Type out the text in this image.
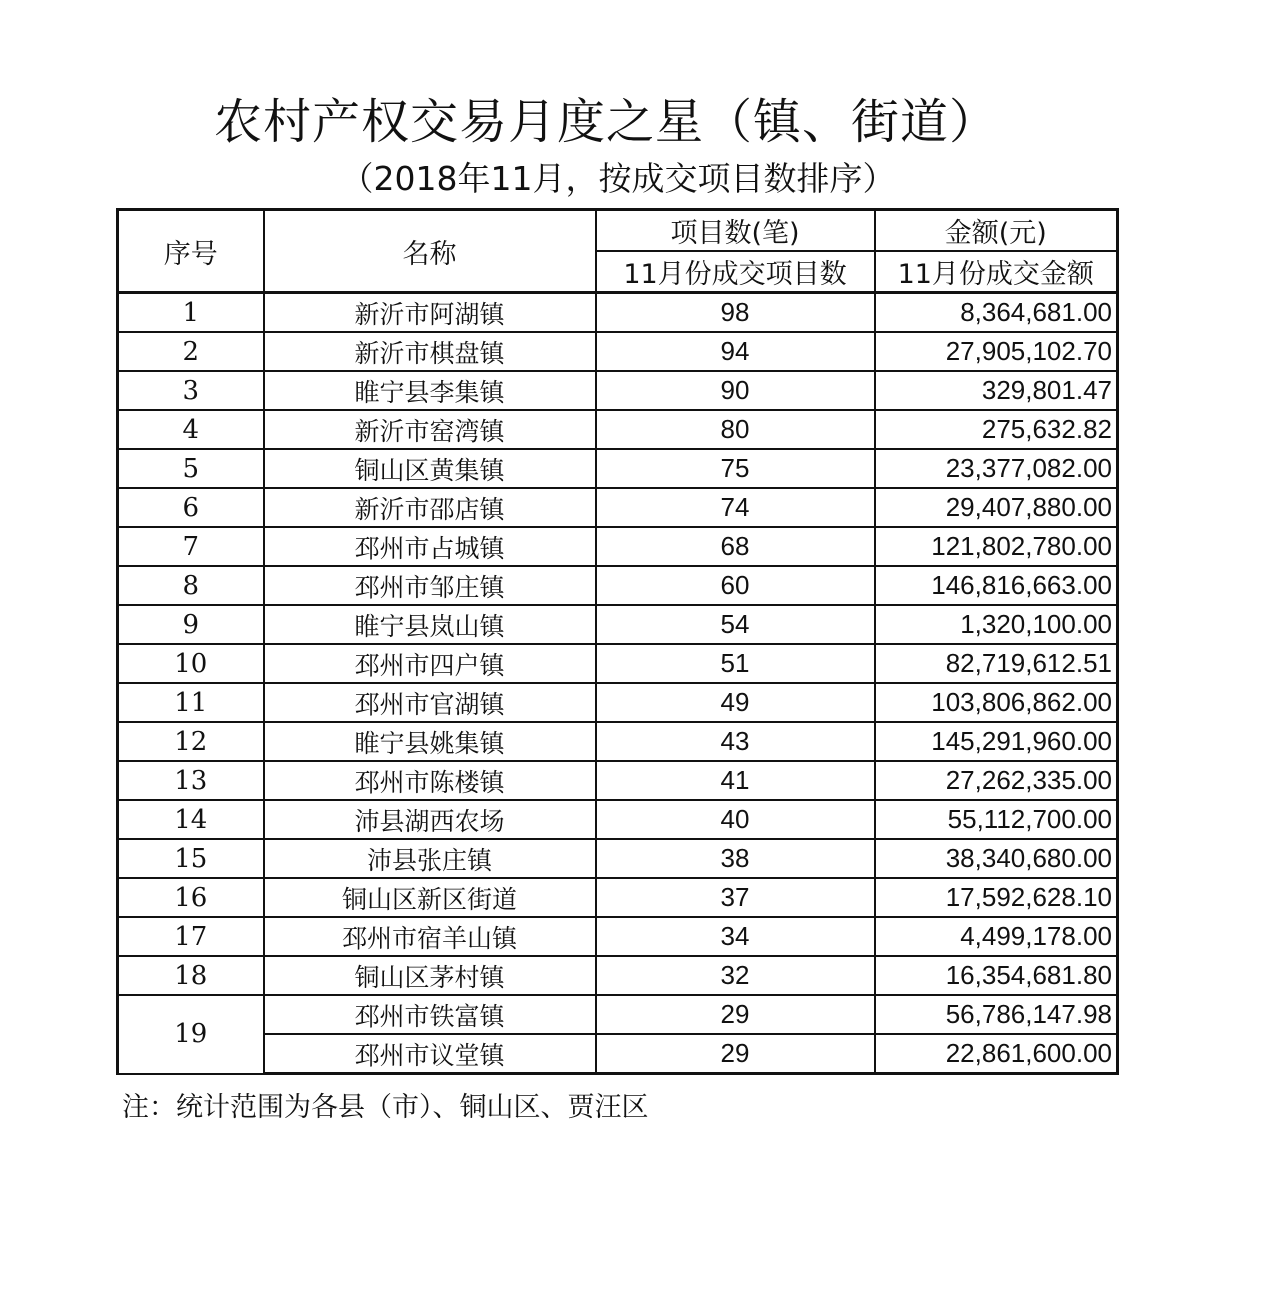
农村产权交易月度之星（镇、街道）
（2018年11月，按成交项目数排序）
序号	名称	项目数(笔)	金额(元)
		11月份成交项目数	11月份成交金额
1	新沂市阿湖镇	98	8,364,681.00
2	新沂市棋盘镇	94	27,905,102.70
3	睢宁县李集镇	90	329,801.47
4	新沂市窑湾镇	80	275,632.82
5	铜山区黄集镇	75	23,377,082.00
6	新沂市邵店镇	74	29,407,880.00
7	邳州市占城镇	68	121,802,780.00
8	邳州市邹庄镇	60	146,816,663.00
9	睢宁县岚山镇	54	1,320,100.00
10	邳州市四户镇	51	82,719,612.51
11	邳州市官湖镇	49	103,806,862.00
12	睢宁县姚集镇	43	145,291,960.00
13	邳州市陈楼镇	41	27,262,335.00
14	沛县湖西农场	40	55,112,700.00
15	沛县张庄镇	38	38,340,680.00
16	铜山区新区街道	37	17,592,628.10
17	邳州市宿羊山镇	34	4,499,178.00
18	铜山区茅村镇	32	16,354,681.80
19	邳州市铁富镇	29	56,786,147.98
	邳州市议堂镇	29	22,861,600.00
注：统计范围为各县（市）、铜山区、贾汪区
